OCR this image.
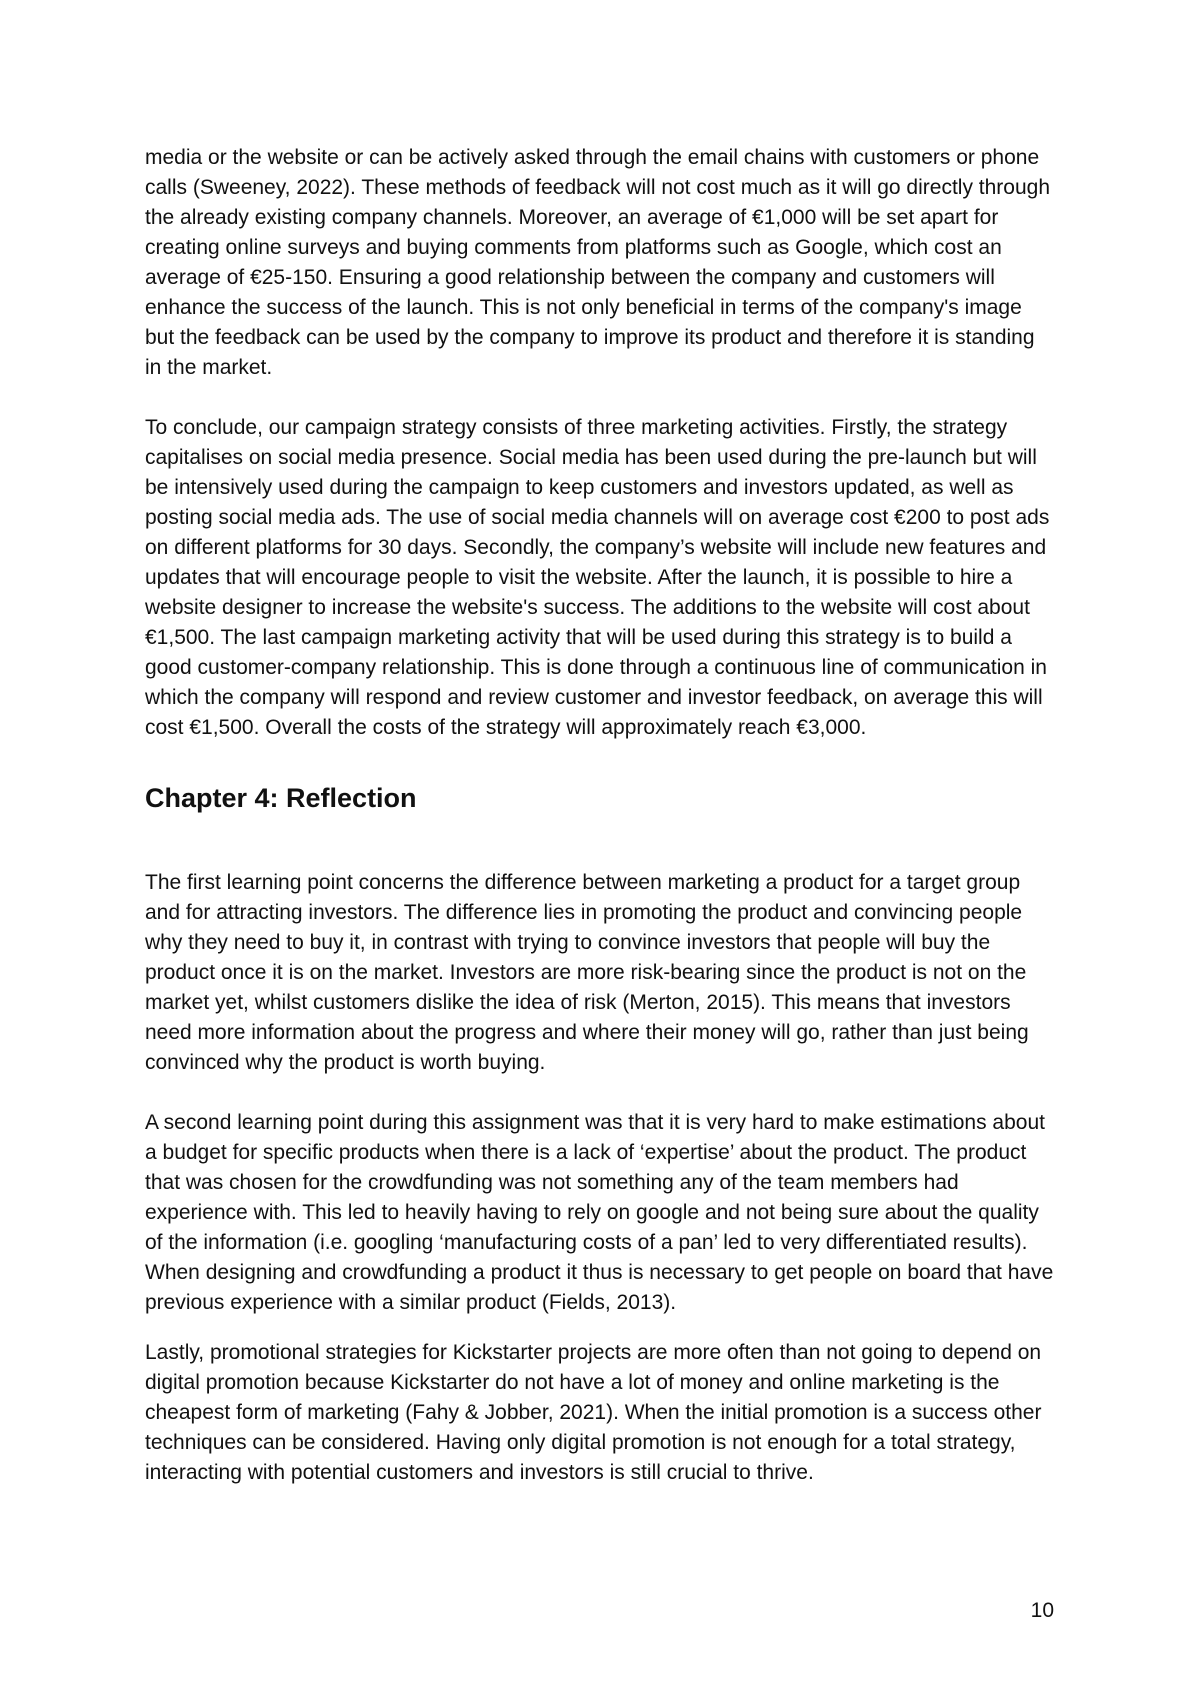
media or the website or can be actively asked through the email chains with customers or phone calls (Sweeney, 2022). These methods of feedback will not cost much as it will go directly through the already existing company channels. Moreover, an average of €1,000 will be set apart for creating online surveys and buying comments from platforms such as Google, which cost an average of €25-150. Ensuring a good relationship between the company and customers will enhance the success of the launch. This is not only beneficial in terms of the company's image but the feedback can be used by the company to improve its product and therefore it is standing in the market.

To conclude, our campaign strategy consists of three marketing activities. Firstly, the strategy capitalises on social media presence. Social media has been used during the pre-launch but will be intensively used during the campaign to keep customers and investors updated, as well as posting social media ads. The use of social media channels will on average cost €200 to post ads on different platforms for 30 days. Secondly, the company’s website will include new features and updates that will encourage people to visit the website. After the launch, it is possible to hire a website designer to increase the website's success. The additions to the website will cost about €1,500. The last campaign marketing activity that will be used during this strategy is to build a good customer-company relationship. This is done through a continuous line of communication in which the company will respond and review customer and investor feedback, on average this will cost €1,500. Overall the costs of the strategy will approximately reach €3,000.

Chapter 4: Reflection

The first learning point concerns the difference between marketing a product for a target group and for attracting investors. The difference lies in promoting the product and convincing people why they need to buy it, in contrast with trying to convince investors that people will buy the product once it is on the market. Investors are more risk-bearing since the product is not on the market yet, whilst customers dislike the idea of risk (Merton, 2015). This means that investors need more information about the progress and where their money will go, rather than just being convinced why the product is worth buying.

A second learning point during this assignment was that it is very hard to make estimations about a budget for specific products when there is a lack of ‘expertise’ about the product. The product that was chosen for the crowdfunding was not something any of the team members had experience with. This led to heavily having to rely on google and not being sure about the quality of the information (i.e. googling ‘manufacturing costs of a pan’ led to very differentiated results). When designing and crowdfunding a product it thus is necessary to get people on board that have previous experience with a similar product (Fields, 2013).

Lastly, promotional strategies for Kickstarter projects are more often than not going to depend on digital promotion because Kickstarter do not have a lot of money and online marketing is the cheapest form of marketing (Fahy & Jobber, 2021). When the initial promotion is a success other techniques can be considered. Having only digital promotion is not enough for a total strategy, interacting with potential customers and investors is still crucial to thrive.

10
